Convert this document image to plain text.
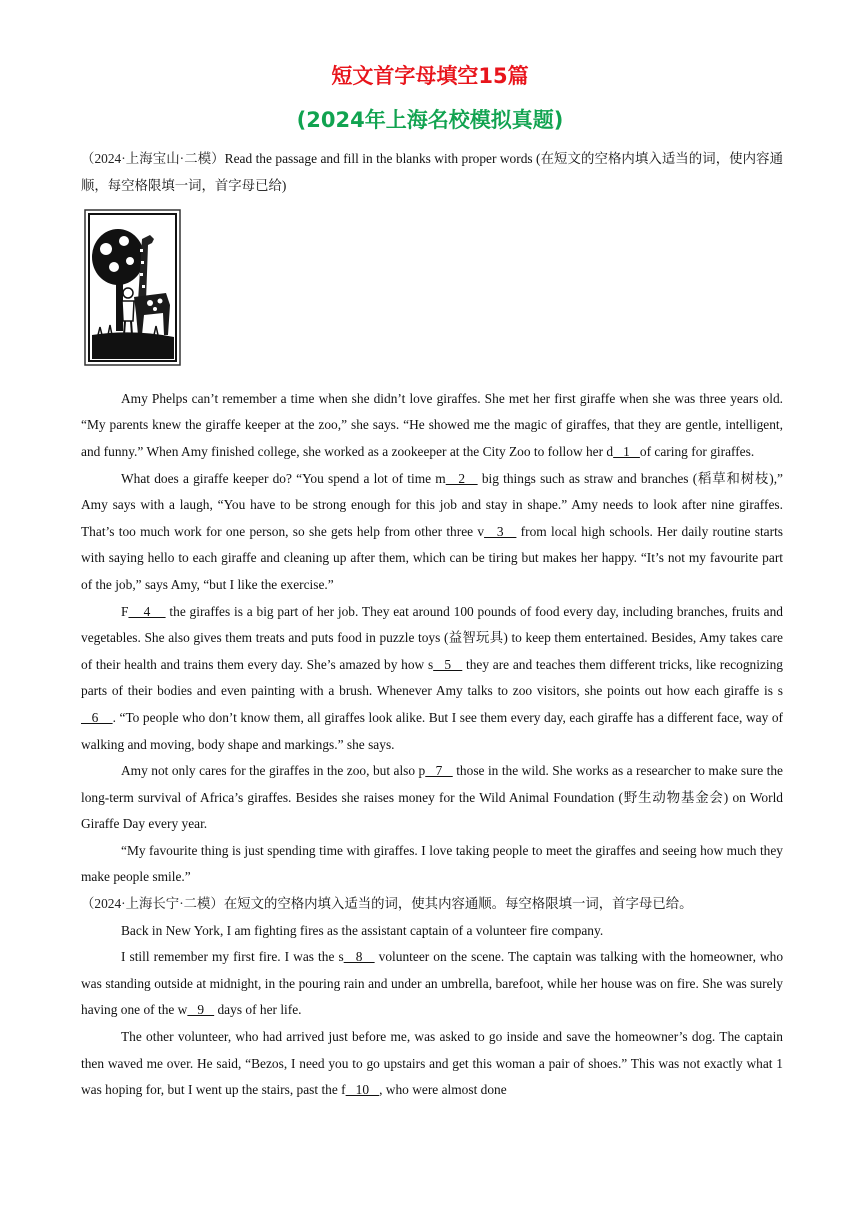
短文首字母填空15篇
(2024年上海名校模拟真题)

（2024·上海宝山·二模）Read the passage and fill in the blanks with proper words (在短文的空格内填入适当的词，使内容通顺，每空格限填一词，首字母已给)

Amy Phelps can’t remember a time when she didn’t love giraffes. She met her first giraffe when she was three years old. “My parents knew the giraffe keeper at the zoo,” she says. “He showed me the magic of giraffes, that they are gentle, intelligent, and funny.” When Amy finished college, she worked as a zookeeper at the City Zoo to follow her d   1   of caring for giraffes.

What does a giraffe keeper do? “You spend a lot of time m   2    big things such as straw and branches (稻草和树枝),” Amy says with a laugh, “You have to be strong enough for this job and stay in shape.” Amy needs to look after nine giraffes. That’s too much work for one person, so she gets help from other three v   3    from local high schools. Her daily routine starts with saying hello to each giraffe and cleaning up after them, which can be tiring but makes her happy. “It’s not my favourite part of the job,” says Amy, “but I like the exercise.”

F    4     the giraffes is a big part of her job. They eat around 100 pounds of food every day, including branches, fruits and vegetables. She also gives them treats and puts food in puzzle toys (益智玩具) to keep them entertained. Besides, Amy takes care of their health and trains them every day. She’s amazed by how s   5    they are and teaches them different tricks, like recognizing parts of their bodies and even painting with a brush. Whenever Amy talks to zoo visitors, she points out how each giraffe is s   6    . “To people who don’t know them, all giraffes look alike. But I see them every day, each giraffe has a different face, way of walking and moving, body shape and markings.” she says.

Amy not only cares for the giraffes in the zoo, but also p   7    those in the wild. She works as a researcher to make sure the long-term survival of Africa’s giraffes. Besides she raises money for the Wild Animal Foundation (野生动物基金会) on World Giraffe Day every year.

“My favourite thing is just spending time with giraffes. I love taking people to meet the giraffes and seeing how much they make people smile.”

（2024·上海长宁·二模）在短文的空格内填入适当的词，使其内容通顺。每空格限填一词，首字母已给。

Back in New York, I am fighting fires as the assistant captain of a volunteer fire company.

I still remember my first fire. I was the s   8    volunteer on the scene. The captain was talking with the homeowner, who was standing outside at midnight, in the pouring rain and under an umbrella, barefoot, while her house was on fire. She was surely having one of the w   9    days of her life.

The other volunteer, who had arrived just before me, was asked to go inside and save the homeowner’s dog. The captain then waved me over. He said, “Bezos, I need you to go upstairs and get this woman a pair of shoes.” This was not exactly what 1 was hoping for, but I went up the stairs, past the f   10   , who were almost done
